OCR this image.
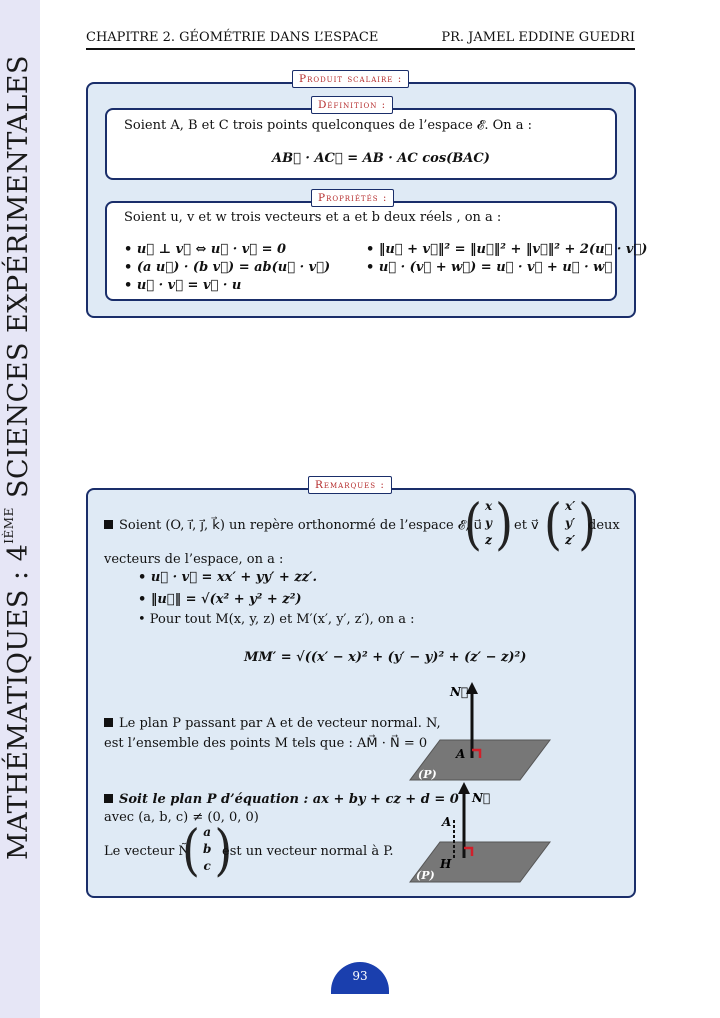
MATHÉMATIQUES : 4IÈME SCIENCES EXPÉRIMENTALES
CHAPITRE 2. GÉOMÉTRIE DANS L’ESPACE	PR. JAMEL EDDINE GUEDRI
Produit scalaire :
Définition :
Soient A, B et C trois points quelconques de l’espace 𝓔. On a :
AB⃗ · AC⃗ = AB · AC cos(BAC)
Propriétés :
Soient u, v et w trois vecteurs et a et b deux réels , on a :
• u⃗ ⊥ v⃗ ⇔ u⃗ · v⃗ = 0
• (a u⃗) · (b v⃗) = ab(u⃗ · v⃗)
• u⃗ · v⃗ = v⃗ · u
• ‖u⃗ + v⃗‖² = ‖u⃗‖² + ‖v⃗‖² + 2(u⃗ · v⃗)
• u⃗ · (v⃗ + w⃗) = u⃗ · v⃗ + u⃗ · w⃗
Remarques :
Soient (O, i⃗, j⃗, k⃗) un repère orthonormé de l’espace 𝓔, u⃗
( x
y
z ) et v⃗ ( x′
y′
z′ )
deux
vecteurs de l’espace, on a :
• u⃗ · v⃗ = xx′ + yy′ + zz′.
• ‖u⃗‖ = √(x² + y² + z²)
• Pour tout M(x, y, z) et M′(x′, y′, z′), on a :
MM′ = √((x′ − x)² + (y′ − y)² + (z′ − z)²)
Le plan P passant par A et de vecteur normal. N,
est l’ensemble des points M tels que : AM⃗ · N⃗ = 0
N⃗
A
(P)
Soit le plan P d’équation : ax + by + cz + d = 0
avec (a, b, c) ≠ (0, 0, 0)
Le vecteur Ñ
( a
b
c )
est un vecteur normal à P.
N⃗
A
H
(P)
93
